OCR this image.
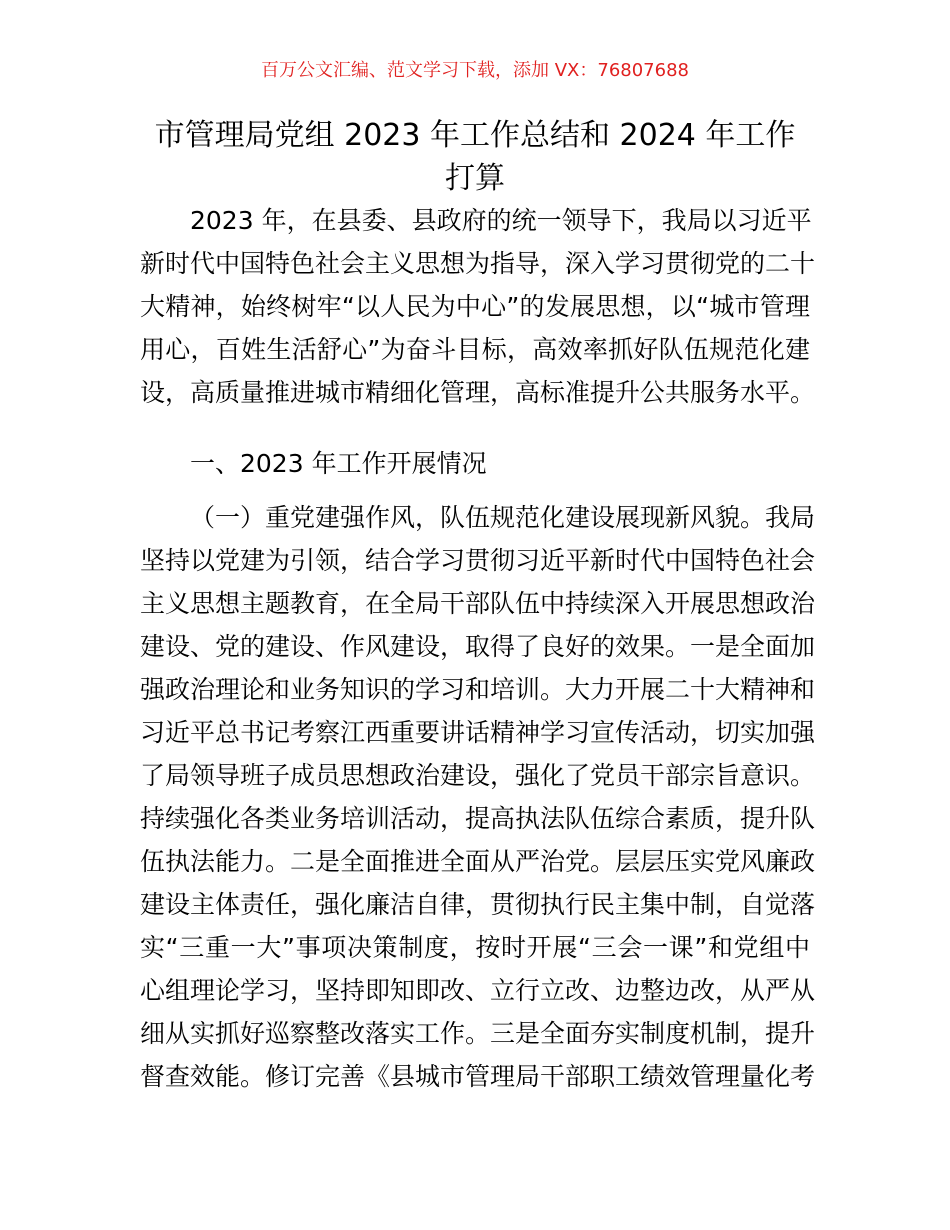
百万公文汇编、范文学习下载，添加 VX：76807688
市管理局党组 2023 年工作总结和 2024 年工作
打算
2023 年，在县委、县政府的统一领导下，我局以习近平
新时代中国特色社会主义思想为指导，深入学习贯彻党的二十
大精神，始终树牢“以人民为中心”的发展思想，以“城市管理
用心，百姓生活舒心”为奋斗目标，高效率抓好队伍规范化建
设，高质量推进城市精细化管理，高标准提升公共服务水平。
一、2023 年工作开展情况
（一）重党建强作风，队伍规范化建设展现新风貌。我局
坚持以党建为引领，结合学习贯彻习近平新时代中国特色社会
主义思想主题教育，在全局干部队伍中持续深入开展思想政治
建设、党的建设、作风建设，取得了良好的效果。一是全面加
强政治理论和业务知识的学习和培训。大力开展二十大精神和
习近平总书记考察江西重要讲话精神学习宣传活动，切实加强
了局领导班子成员思想政治建设，强化了党员干部宗旨意识。
持续强化各类业务培训活动，提高执法队伍综合素质，提升队
伍执法能力。二是全面推进全面从严治党。层层压实党风廉政
建设主体责任，强化廉洁自律，贯彻执行民主集中制，自觉落
实“三重一大”事项决策制度，按时开展“三会一课”和党组中
心组理论学习，坚持即知即改、立行立改、边整边改，从严从
细从实抓好巡察整改落实工作。三是全面夯实制度机制，提升
督查效能。修订完善《县城市管理局干部职工绩效管理量化考
